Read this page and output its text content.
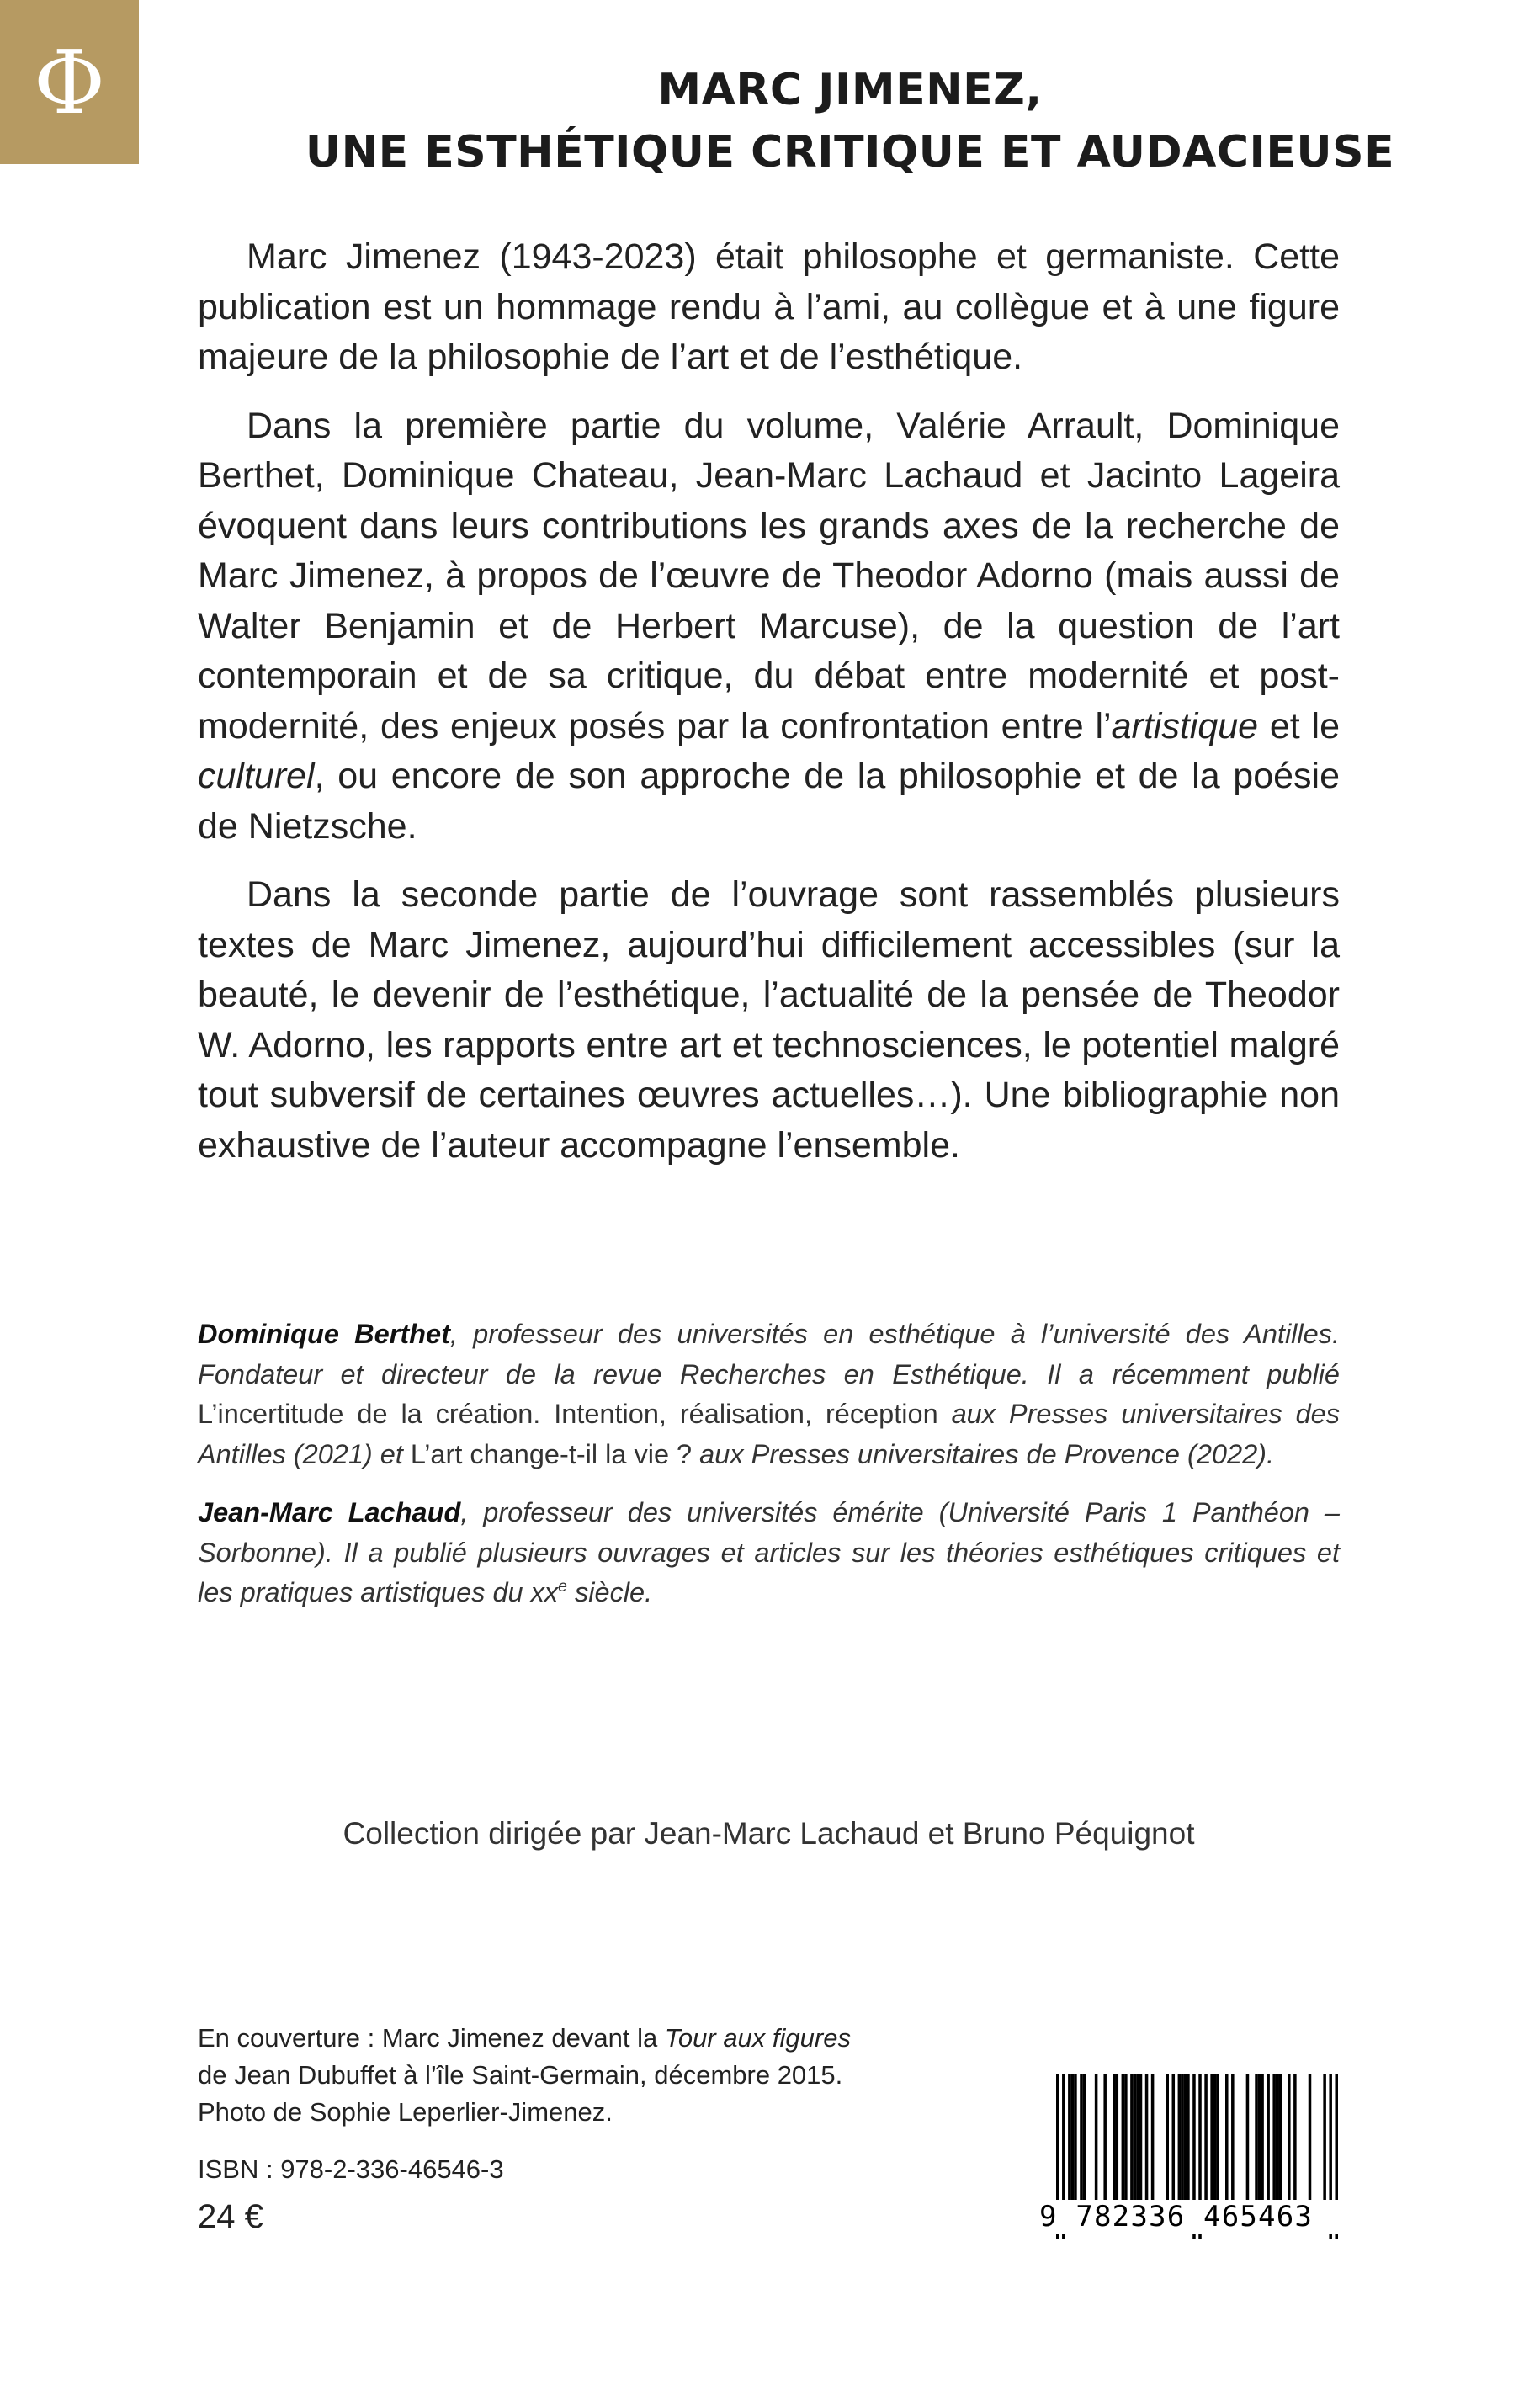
Φ	MARC JIMENEZ,
UNE ESTHÉTIQUE CRITIQUE ET AUDACIEUSE

Marc Jimenez (1943-2023) était philosophe et germaniste. Cette publication est un hommage rendu à l’ami, au collègue et à une figure majeure de la philosophie de l’art et de l’esthétique.

Dans la première partie du volume, Valérie Arrault, Dominique Berthet, Dominique Chateau, Jean-Marc Lachaud et Jacinto Lageira évoquent dans leurs contributions les grands axes de la recherche de Marc Jimenez, à propos de l’œuvre de Theodor Adorno (mais aussi de Walter Benjamin et de Herbert Marcuse), de la question de l’art contemporain et de sa critique, du débat entre modernité et post-modernité, des enjeux posés par la confrontation entre l’artistique et le culturel, ou encore de son approche de la philosophie et de la poésie de Nietzsche.

Dans la seconde partie de l’ouvrage sont rassemblés plusieurs textes de Marc Jimenez, aujourd’hui difficilement accessibles (sur la beauté, le devenir de l’esthétique, l’actualité de la pensée de Theodor W. Adorno, les rapports entre art et technosciences, le potentiel malgré tout subversif de certaines œuvres actuelles…). Une bibliographie non exhaustive de l’auteur accompagne l’ensemble.

Dominique Berthet, professeur des universités en esthétique à l’université des Antilles. Fondateur et directeur de la revue Recherches en Esthétique. Il a récemment publié L’incertitude de la création. Intention, réalisation, réception aux Presses universitaires des Antilles (2021) et L’art change-t-il la vie ? aux Presses universitaires de Provence (2022).

Jean-Marc Lachaud, professeur des universités émérite (Université Paris 1 Panthéon – Sorbonne). Il a publié plusieurs ouvrages et articles sur les théories esthétiques critiques et les pratiques artistiques du $xx^e$ siècle.

Collection dirigée par Jean-Marc Lachaud et Bruno Péquignot
En couverture : Marc Jimenez devant la Tour aux figures
de Jean Dubuffet à l’île Saint-Germain, décembre 2015.
Photo de Sophie Leperlier-Jimenez.
ISBN : 978-2-336-46546-3
24 €	9 782336 465463
